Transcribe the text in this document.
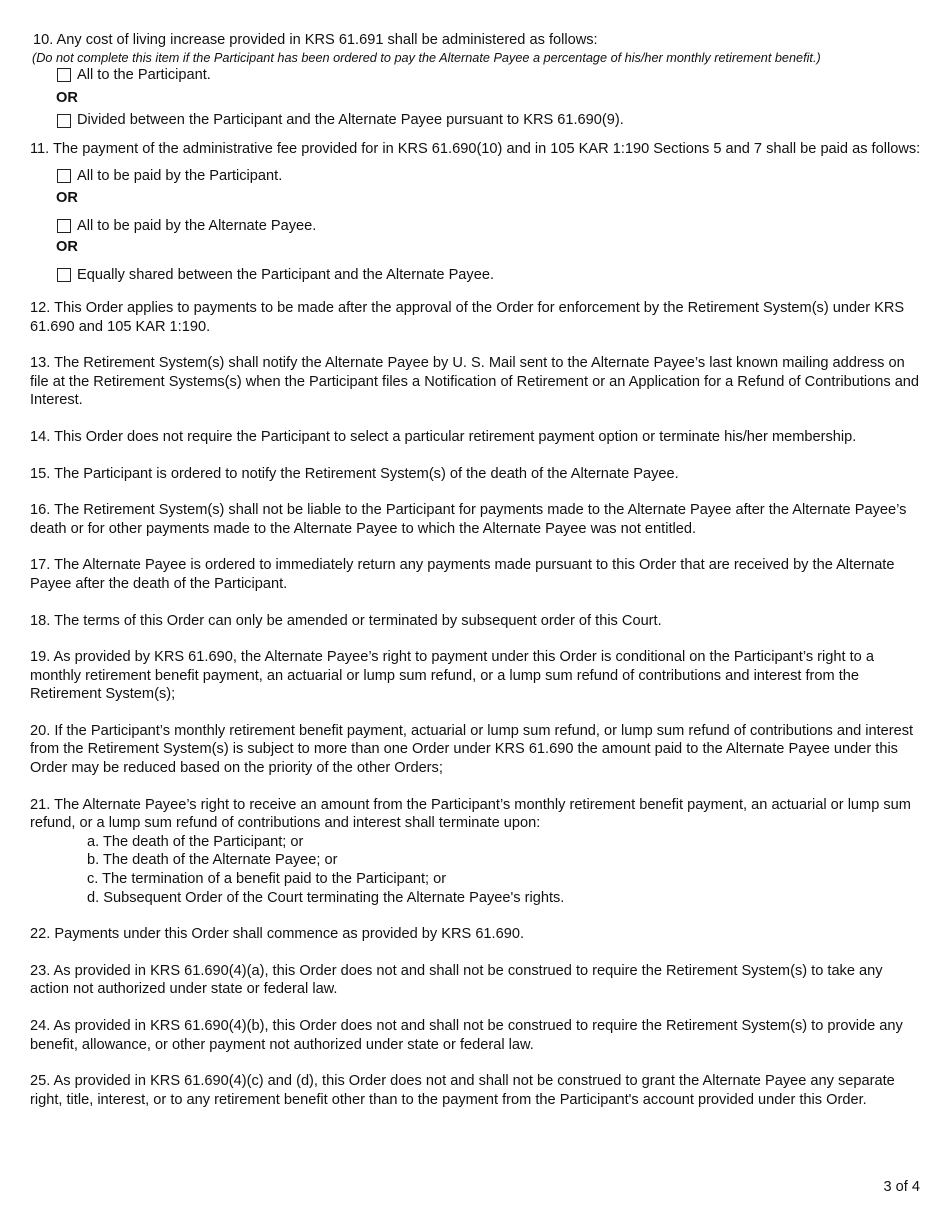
10. Any cost of living increase provided in KRS 61.691 shall be administered as follows:

(Do not complete this item if the Participant has been ordered to pay the Alternate Payee a percentage of his/her monthly retirement benefit.)

All to the Participant.

OR

Divided between the Participant and the Alternate Payee pursuant to KRS 61.690(9).

11. The payment of the administrative fee provided for in KRS 61.690(10) and in 105 KAR 1:190 Sections 5 and 7 shall be paid as follows:

All to be paid by the Participant.

OR

All to be paid by the Alternate Payee.

OR

Equally shared between the Participant and the Alternate Payee.

12. This Order applies to payments to be made after the approval of the Order for enforcement by the Retirement System(s) under KRS 61.690 and 105 KAR 1:190.

13. The Retirement System(s) shall notify the Alternate Payee by U. S. Mail sent to the Alternate Payee’s last known mailing address on file at the Retirement Systems(s) when the Participant files a Notification of Retirement or an Application for a Refund of Contributions and Interest.

14. This Order does not require the Participant to select a particular retirement payment option or terminate his/her membership.

15. The Participant is ordered to notify the Retirement System(s) of the death of the Alternate Payee.

16. The Retirement System(s) shall not be liable to the Participant for payments made to the Alternate Payee after the Alternate Payee’s death or for other payments made to the Alternate Payee to which the Alternate Payee was not entitled.

17. The Alternate Payee is ordered to immediately return any payments made pursuant to this Order that are received by the Alternate Payee after the death of the Participant.

18. The terms of this Order can only be amended or terminated by subsequent order of this Court.

19. As provided by KRS 61.690, the Alternate Payee’s right to payment under this Order is conditional on the Participant’s right to a monthly retirement benefit payment, an actuarial or lump sum refund, or a lump sum refund of contributions and interest from the Retirement System(s);

20. If the Participant’s monthly retirement benefit payment, actuarial or lump sum refund, or lump sum refund of contributions and interest from the Retirement System(s) is subject to more than one Order under KRS 61.690 the amount paid to the Alternate Payee under this Order may be reduced based on the priority of the other Orders;

21. The Alternate Payee’s right to receive an amount from the Participant’s monthly retirement benefit payment, an actuarial or lump sum refund, or a lump sum refund of contributions and interest shall terminate upon:

a. The death of the Participant; or

b. The death of the Alternate Payee; or

c. The termination of a benefit paid to the Participant; or

d. Subsequent Order of the Court terminating the Alternate Payee's rights.

22. Payments under this Order shall commence as provided by KRS 61.690.

23. As provided in KRS 61.690(4)(a), this Order does not and shall not be construed to require the Retirement System(s) to take any action not authorized under state or federal law.

24. As provided in KRS 61.690(4)(b), this Order does not and shall not be construed to require the Retirement System(s) to provide any benefit, allowance, or other payment not authorized under state or federal law.

25. As provided in KRS 61.690(4)(c) and (d), this Order does not and shall not be construed to grant the Alternate Payee any separate right, title, interest, or to any retirement benefit other than to the payment from the Participant's account provided under this Order.

3 of 4
